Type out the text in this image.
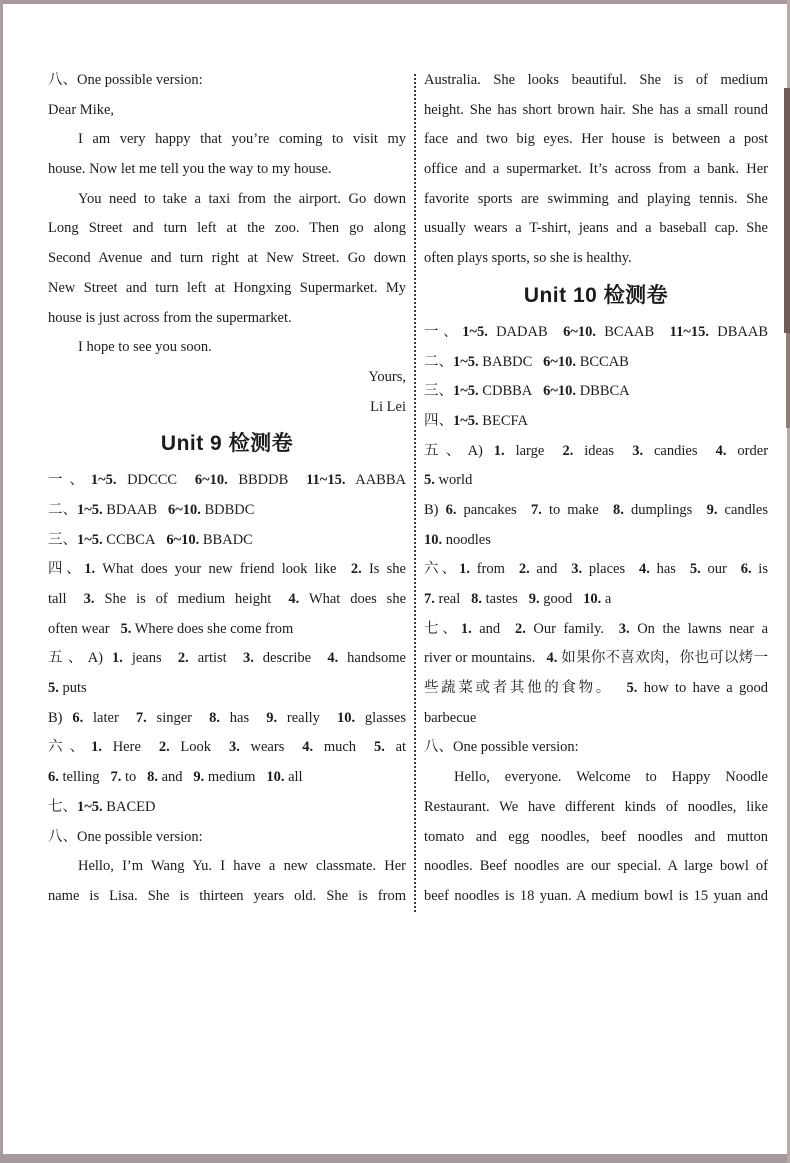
八、One possible version:
Dear Mike,
I am very happy that you’re coming to visit my
house. Now let me tell you the way to my house.
You need to take a taxi from the airport. Go down
Long Street and turn left at the zoo. Then go along
Second Avenue and turn right at New Street. Go down
New Street and turn left at Hongxing Supermarket. My
house is just across from the supermarket.
I hope to see you soon.
Yours,
Li Lei
Unit 9 检测卷
一、1~5. DDCCC  6~10. BBDDB  11~15. AABBA
二、1~5. BDAAB  6~10. BDBDC
三、1~5. CCBCA  6~10. BBADC
四、1. What does your new friend look like  2. Is she
tall  3. She is of medium height  4. What does she
often wear  5. Where does she come from
五、A) 1. jeans  2. artist  3. describe  4. handsome
5. puts
B) 6. later  7. singer  8. has  9. really  10. glasses
六、1. Here  2. Look  3. wears  4. much  5. at
6. telling  7. to  8. and  9. medium  10. all
七、1~5. BACED
八、One possible version:
Hello, I’m Wang Yu. I have a new classmate. Her
name is Lisa. She is thirteen years old. She is from
Australia. She looks beautiful. She is of medium
height. She has short brown hair. She has a small round
face and two big eyes. Her house is between a post
office and a supermarket. It’s across from a bank. Her
favorite sports are swimming and playing tennis. She
usually wears a T-shirt, jeans and a baseball cap. She
often plays sports, so she is healthy.
Unit 10 检测卷
一、1~5. DADAB  6~10. BCAAB  11~15. DBAAB
二、1~5. BABDC  6~10. BCCAB
三、1~5. CDBBA  6~10. DBBCA
四、1~5. BECFA
五、A) 1. large  2. ideas  3. candies  4. order
5. world
B) 6. pancakes  7. to make  8. dumplings  9. candles
10. noodles
六、1. from  2. and  3. places  4. has  5. our  6. is
7. real  8. tastes  9. good  10. a
七、1. and  2. Our family.  3. On the lawns near a
river or mountains.  4. 如果你不喜欢肉，你也可以烤一
些蔬菜或者其他的食物。  5. how to have a good
barbecue
八、One possible version:
Hello, everyone. Welcome to Happy Noodle
Restaurant. We have different kinds of noodles, like
tomato and egg noodles, beef noodles and mutton
noodles. Beef noodles are our special. A large bowl of
beef noodles is 18 yuan. A medium bowl is 15 yuan and
